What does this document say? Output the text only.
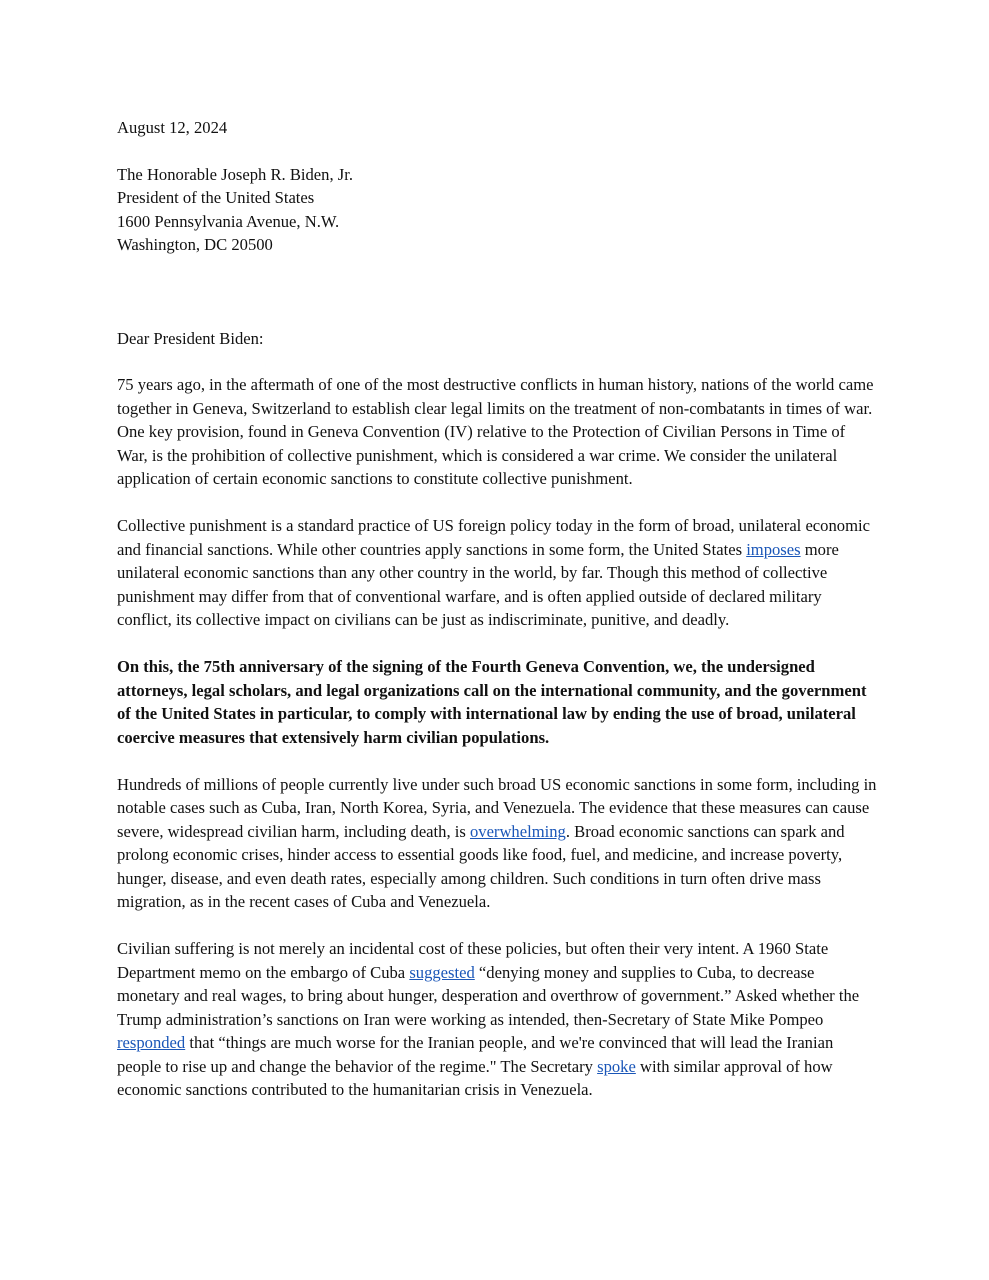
August 12, 2024
The Honorable Joseph R. Biden, Jr.
President of the United States
1600 Pennsylvania Avenue, N.W.
Washington, DC 20500
Dear President Biden:

75 years ago, in the aftermath of one of the most destructive conflicts in human history, nations of the world came together in Geneva, Switzerland to establish clear legal limits on the treatment of non-combatants in times of war. One key provision, found in Geneva Convention (IV) relative to the Protection of Civilian Persons in Time of War, is the prohibition of collective punishment, which is considered a war crime. We consider the unilateral application of certain economic sanctions to constitute collective punishment.

Collective punishment is a standard practice of US foreign policy today in the form of broad, unilateral economic and financial sanctions. While other countries apply sanctions in some form, the United States imposes more unilateral economic sanctions than any other country in the world, by far. Though this method of collective punishment may differ from that of conventional warfare, and is often applied outside of declared military conflict, its collective impact on civilians can be just as indiscriminate, punitive, and deadly.

On this, the 75th anniversary of the signing of the Fourth Geneva Convention, we, the undersigned attorneys, legal scholars, and legal organizations call on the international community, and the government of the United States in particular, to comply with international law by ending the use of broad, unilateral coercive measures that extensively harm civilian populations.

Hundreds of millions of people currently live under such broad US economic sanctions in some form, including in notable cases such as Cuba, Iran, North Korea, Syria, and Venezuela. The evidence that these measures can cause severe, widespread civilian harm, including death, is overwhelming. Broad economic sanctions can spark and prolong economic crises, hinder access to essential goods like food, fuel, and medicine, and increase poverty, hunger, disease, and even death rates, especially among children. Such conditions in turn often drive mass migration, as in the recent cases of Cuba and Venezuela.

Civilian suffering is not merely an incidental cost of these policies, but often their very intent. A 1960 State Department memo on the embargo of Cuba suggested “denying money and supplies to Cuba, to decrease monetary and real wages, to bring about hunger, desperation and overthrow of government.” Asked whether the Trump administration’s sanctions on Iran were working as intended, then-Secretary of State Mike Pompeo responded that “things are much worse for the Iranian people, and we're convinced that will lead the Iranian people to rise up and change the behavior of the regime." The Secretary spoke with similar approval of how economic sanctions contributed to the humanitarian crisis in Venezuela.
